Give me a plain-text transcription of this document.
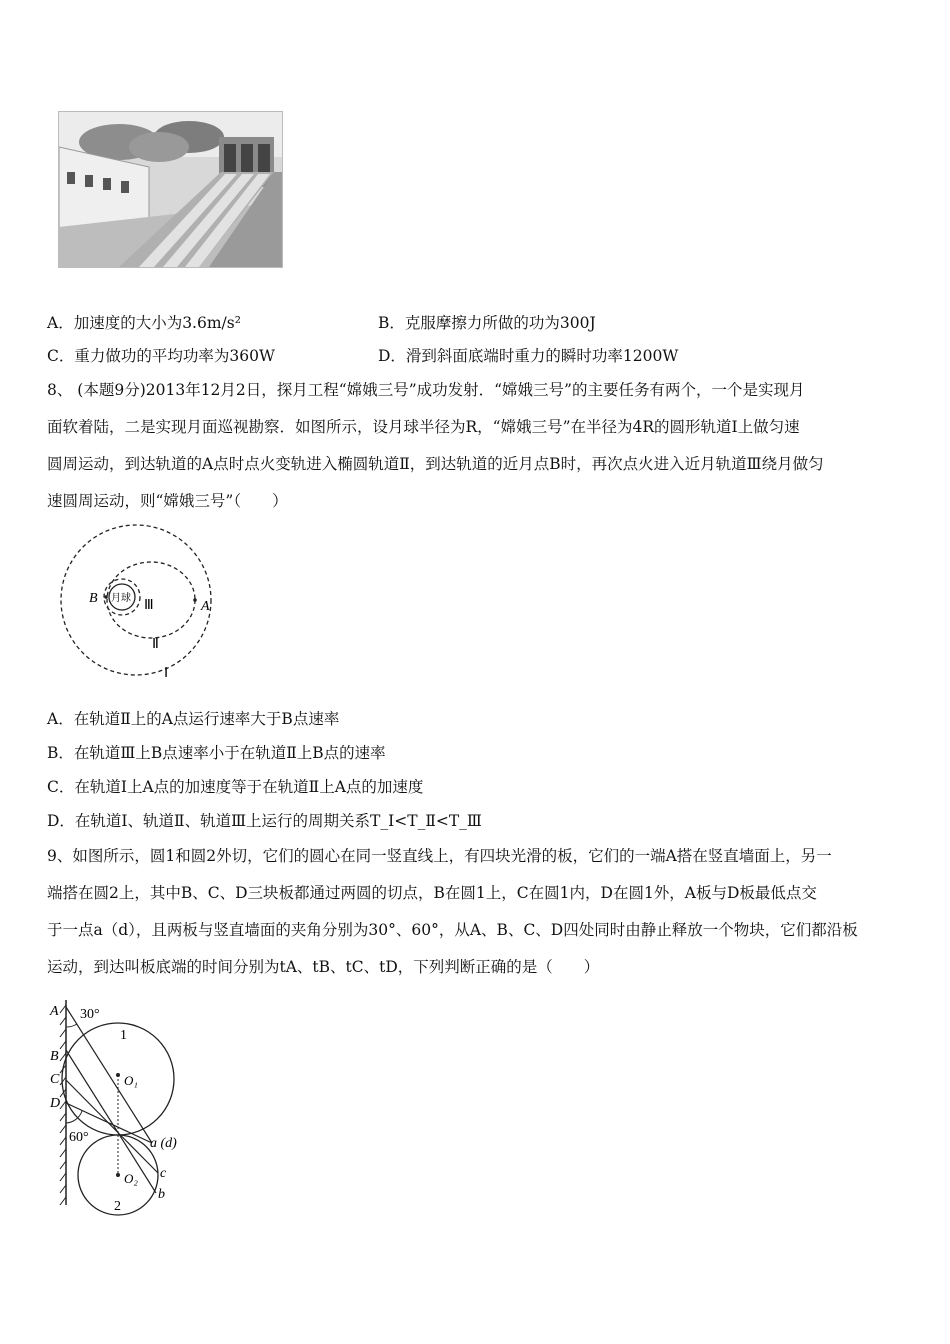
A．加速度的大小为3.6m/s²	B．克服摩擦力所做的功为300J
C．重力做功的平均功率为360W	D．滑到斜面底端时重力的瞬时功率1200W
8、 (本题9分)2013年12月2日，探月工程“嫦娥三号”成功发射．“嫦娥三号”的主要任务有两个，一个是实现月
面软着陆，二是实现月面巡视勘察．如图所示，设月球半径为R，“嫦娥三号”在半径为4R的圆形轨道Ⅰ上做匀速
圆周运动，到达轨道的A点时点火变轨进入椭圆轨道Ⅱ，到达轨道的近月点B时，再次点火进入近月轨道Ⅲ绕月做匀
速圆周运动，则“嫦娥三号”（　　）
B 月球 Ⅲ	A
Ⅱ
Ⅰ
A．在轨道Ⅱ上的A点运行速率大于B点速率
B．在轨道Ⅲ上B点速率小于在轨道Ⅱ上B点的速率
C．在轨道Ⅰ上A点的加速度等于在轨道Ⅱ上A点的加速度
D．在轨道Ⅰ、轨道Ⅱ、轨道Ⅲ上运行的周期关系T_Ⅰ<T_Ⅱ<T_Ⅲ
9、如图所示，圆1和圆2外切，它们的圆心在同一竖直线上，有四块光滑的板，它们的一端A搭在竖直墙面上，另一
端搭在圆2上，其中B、C、D三块板都通过两圆的切点，B在圆1上，C在圆1内，D在圆1外，A板与D板最低点交
于一点a（d），且两板与竖直墙面的夹角分别为30°、60°，从A、B、C、D四处同时由静止释放一个物块，它们都沿板
运动，到达叫板底端的时间分别为tA、tB、tC、tD，下列判断正确的是（　　）
A 30°
1
B
C	O₁
D
60°	a (d)
c
O₂
b
2
